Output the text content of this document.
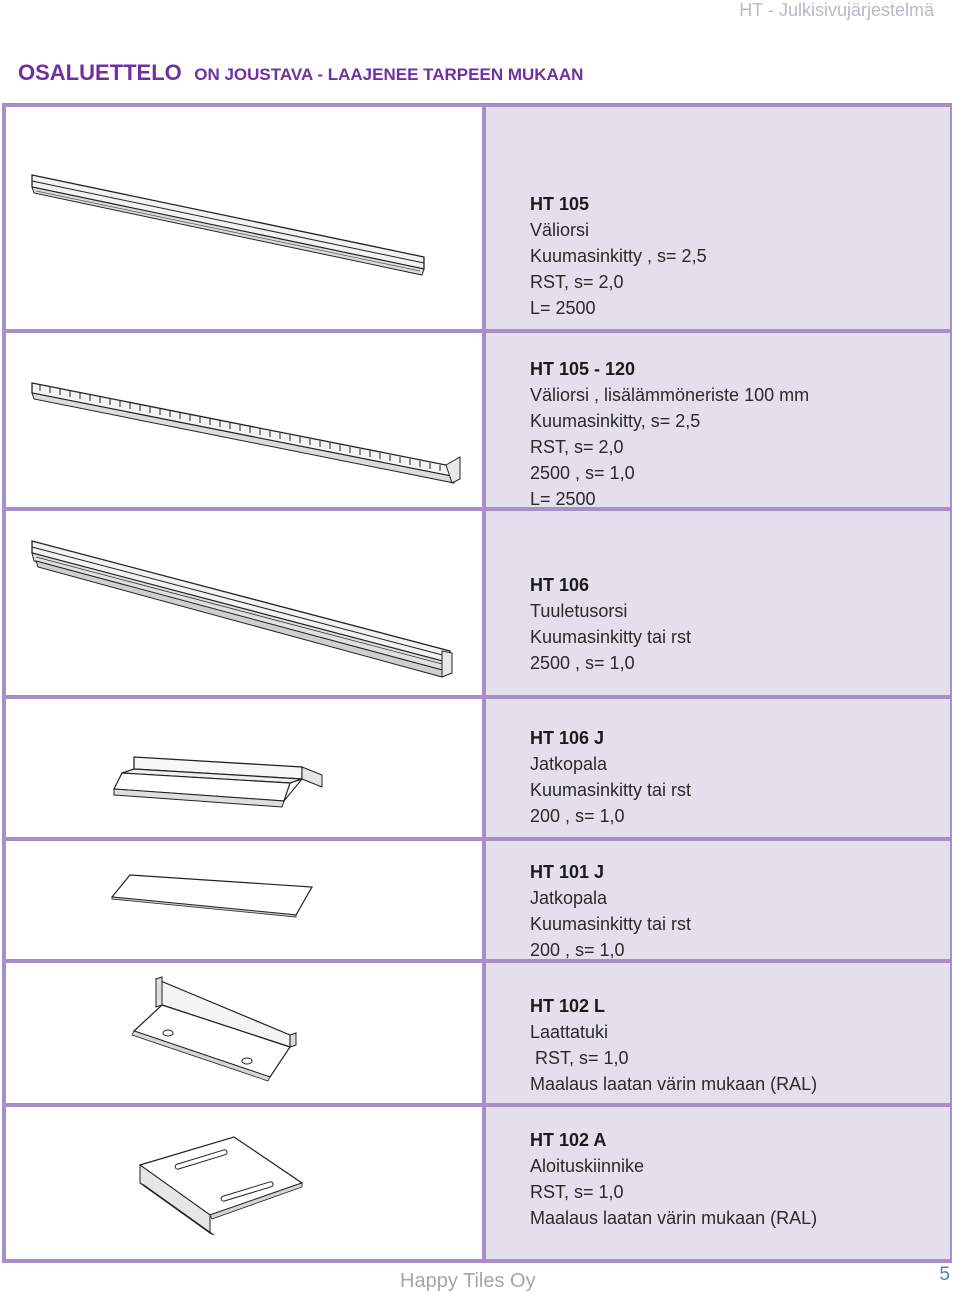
HT - Julkisivujärjestelmä
OSALUETTELO ON JOUSTAVA - LAAJENEE TARPEEN MUKAAN
HT 105
Väliorsi
Kuumasinkitty , s= 2,5
RST, s= 2,0
L= 2500
HT 105 - 120
Väliorsi , lisälämmöneriste 100 mm
Kuumasinkitty, s= 2,5
RST, s= 2,0
2500 , s= 1,0
L= 2500
HT 106
Tuuletusorsi
Kuumasinkitty tai rst
2500 , s= 1,0
HT 106 J
Jatkopala
Kuumasinkitty tai rst
200 , s= 1,0
HT 101 J
Jatkopala
Kuumasinkitty tai rst
200 , s= 1,0
HT 102 L
Laattatuki
RST, s= 1,0
Maalaus laatan värin mukaan (RAL)
HT 102 A
Aloituskiinnike
RST, s= 1,0
Maalaus laatan värin mukaan (RAL)
Happy Tiles Oy	5
